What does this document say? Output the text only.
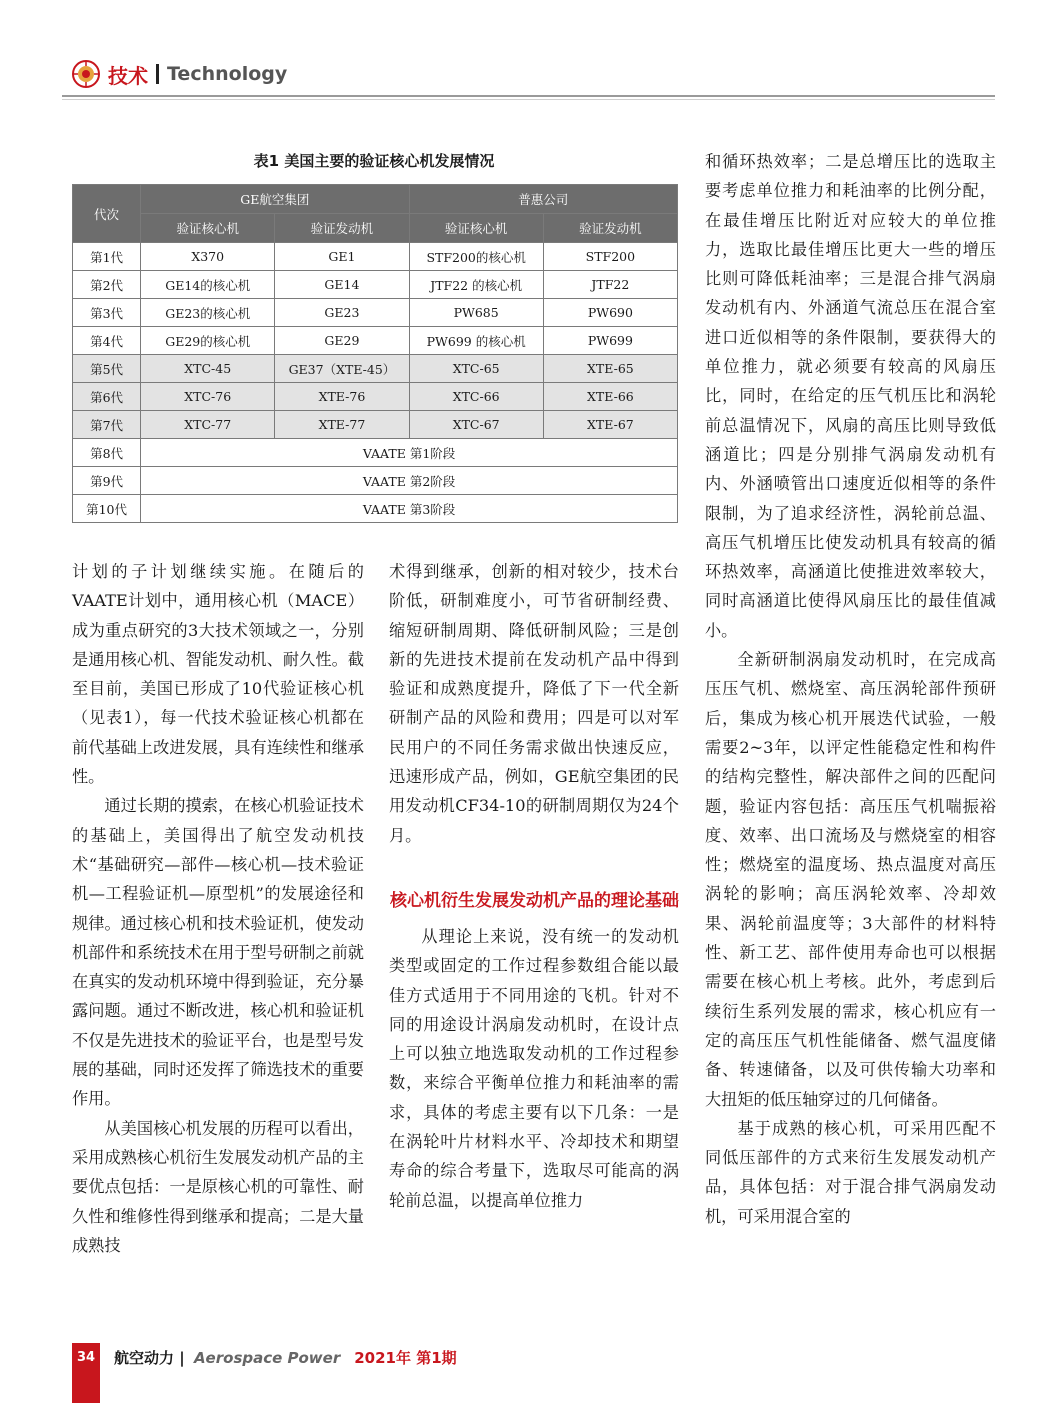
技术 Technology
表1 美国主要的验证核心机发展情况
代次	GE航空集团		普惠公司	
	验证核心机	验证发动机	验证核心机	验证发动机
第1代	X370	GE1	STF200的核心机	STF200
第2代	GE14的核心机	GE14	JTF22 的核心机	JTF22
第3代	GE23的核心机	GE23	PW685	PW690
第4代	GE29的核心机	GE29	PW699 的核心机	PW699
第5代	XTC-45	GE37（XTE-45）	XTC-65	XTE-65
第6代	XTC-76	XTE-76	XTC-66	XTE-66
第7代	XTC-77	XTE-77	XTC-67	XTE-67
第8代	VAATE 第1阶段			
第9代	VAATE 第2阶段			
第10代	VAATE 第3阶段			

计划的子计划继续实施。在随后的VAATE计划中，通用核心机（MACE）成为重点研究的3大技术领域之一，分别是通用核心机、智能发动机、耐久性。截至目前，美国已形成了10代验证核心机（见表1），每一代技术验证核心机都在前代基础上改进发展，具有连续性和继承性。

通过长期的摸索，在核心机验证技术的基础上，美国得出了航空发动机技术“基础研究—部件—核心机—技术验证机—工程验证机—原型机”的发展途径和规律。通过核心机和技术验证机，使发动机部件和系统技术在用于型号研制之前就在真实的发动机环境中得到验证，充分暴露问题。通过不断改进，核心机和验证机不仅是先进技术的验证平台，也是型号发展的基础，同时还发挥了筛选技术的重要作用。

从美国核心机发展的历程可以看出，采用成熟核心机衍生发展发动机产品的主要优点包括：一是原核心机的可靠性、耐久性和维修性得到继承和提高；二是大量成熟技

术得到继承，创新的相对较少，技术台阶低，研制难度小，可节省研制经费、缩短研制周期、降低研制风险；三是创新的先进技术提前在发动机产品中得到验证和成熟度提升，降低了下一代全新研制产品的风险和费用；四是可以对军民用户的不同任务需求做出快速反应，迅速形成产品，例如，GE航空集团的民用发动机CF34-10的研制周期仅为24个月。

核心机衍生发展发动机产品的理论基础

从理论上来说，没有统一的发动机类型或固定的工作过程参数组合能以最佳方式适用于不同用途的飞机。针对不同的用途设计涡扇发动机时，在设计点上可以独立地选取发动机的工作过程参数，来综合平衡单位推力和耗油率的需求，具体的考虑主要有以下几条：一是在涡轮叶片材料水平、冷却技术和期望寿命的综合考量下，选取尽可能高的涡轮前总温，以提高单位推力

和循环热效率；二是总增压比的选取主要考虑单位推力和耗油率的比例分配，在最佳增压比附近对应较大的单位推力，选取比最佳增压比更大一些的增压比则可降低耗油率；三是混合排气涡扇发动机有内、外涵道气流总压在混合室进口近似相等的条件限制，要获得大的单位推力，就必须要有较高的风扇压比，同时，在给定的压气机压比和涡轮前总温情况下，风扇的高压比则导致低涵道比；四是分别排气涡扇发动机有内、外涵喷管出口速度近似相等的条件限制，为了追求经济性，涡轮前总温、高压气机增压比使发动机具有较高的循环热效率，高涵道比使推进效率较大，同时高涵道比使得风扇压比的最佳值减小。

全新研制涡扇发动机时，在完成高压压气机、燃烧室、高压涡轮部件预研后，集成为核心机开展迭代试验，一般需要2~3年，以评定性能稳定性和构件的结构完整性，解决部件之间的匹配问题，验证内容包括：高压压气机喘振裕度、效率、出口流场及与燃烧室的相容性；燃烧室的温度场、热点温度对高压涡轮的影响；高压涡轮效率、冷却效果、涡轮前温度等；3大部件的材料特性、新工艺、部件使用寿命也可以根据需要在核心机上考核。此外，考虑到后续衍生系列发展的需求，核心机应有一定的高压压气机性能储备、燃气温度储备、转速储备，以及可供传输大功率和大扭矩的低压轴穿过的几何储备。

基于成熟的核心机，可采用匹配不同低压部件的方式来衍生发展发动机产品，具体包括：对于混合排气涡扇发动机，可采用混合室的

34	航空动力 | Aerospace Power 2021年 第1期
